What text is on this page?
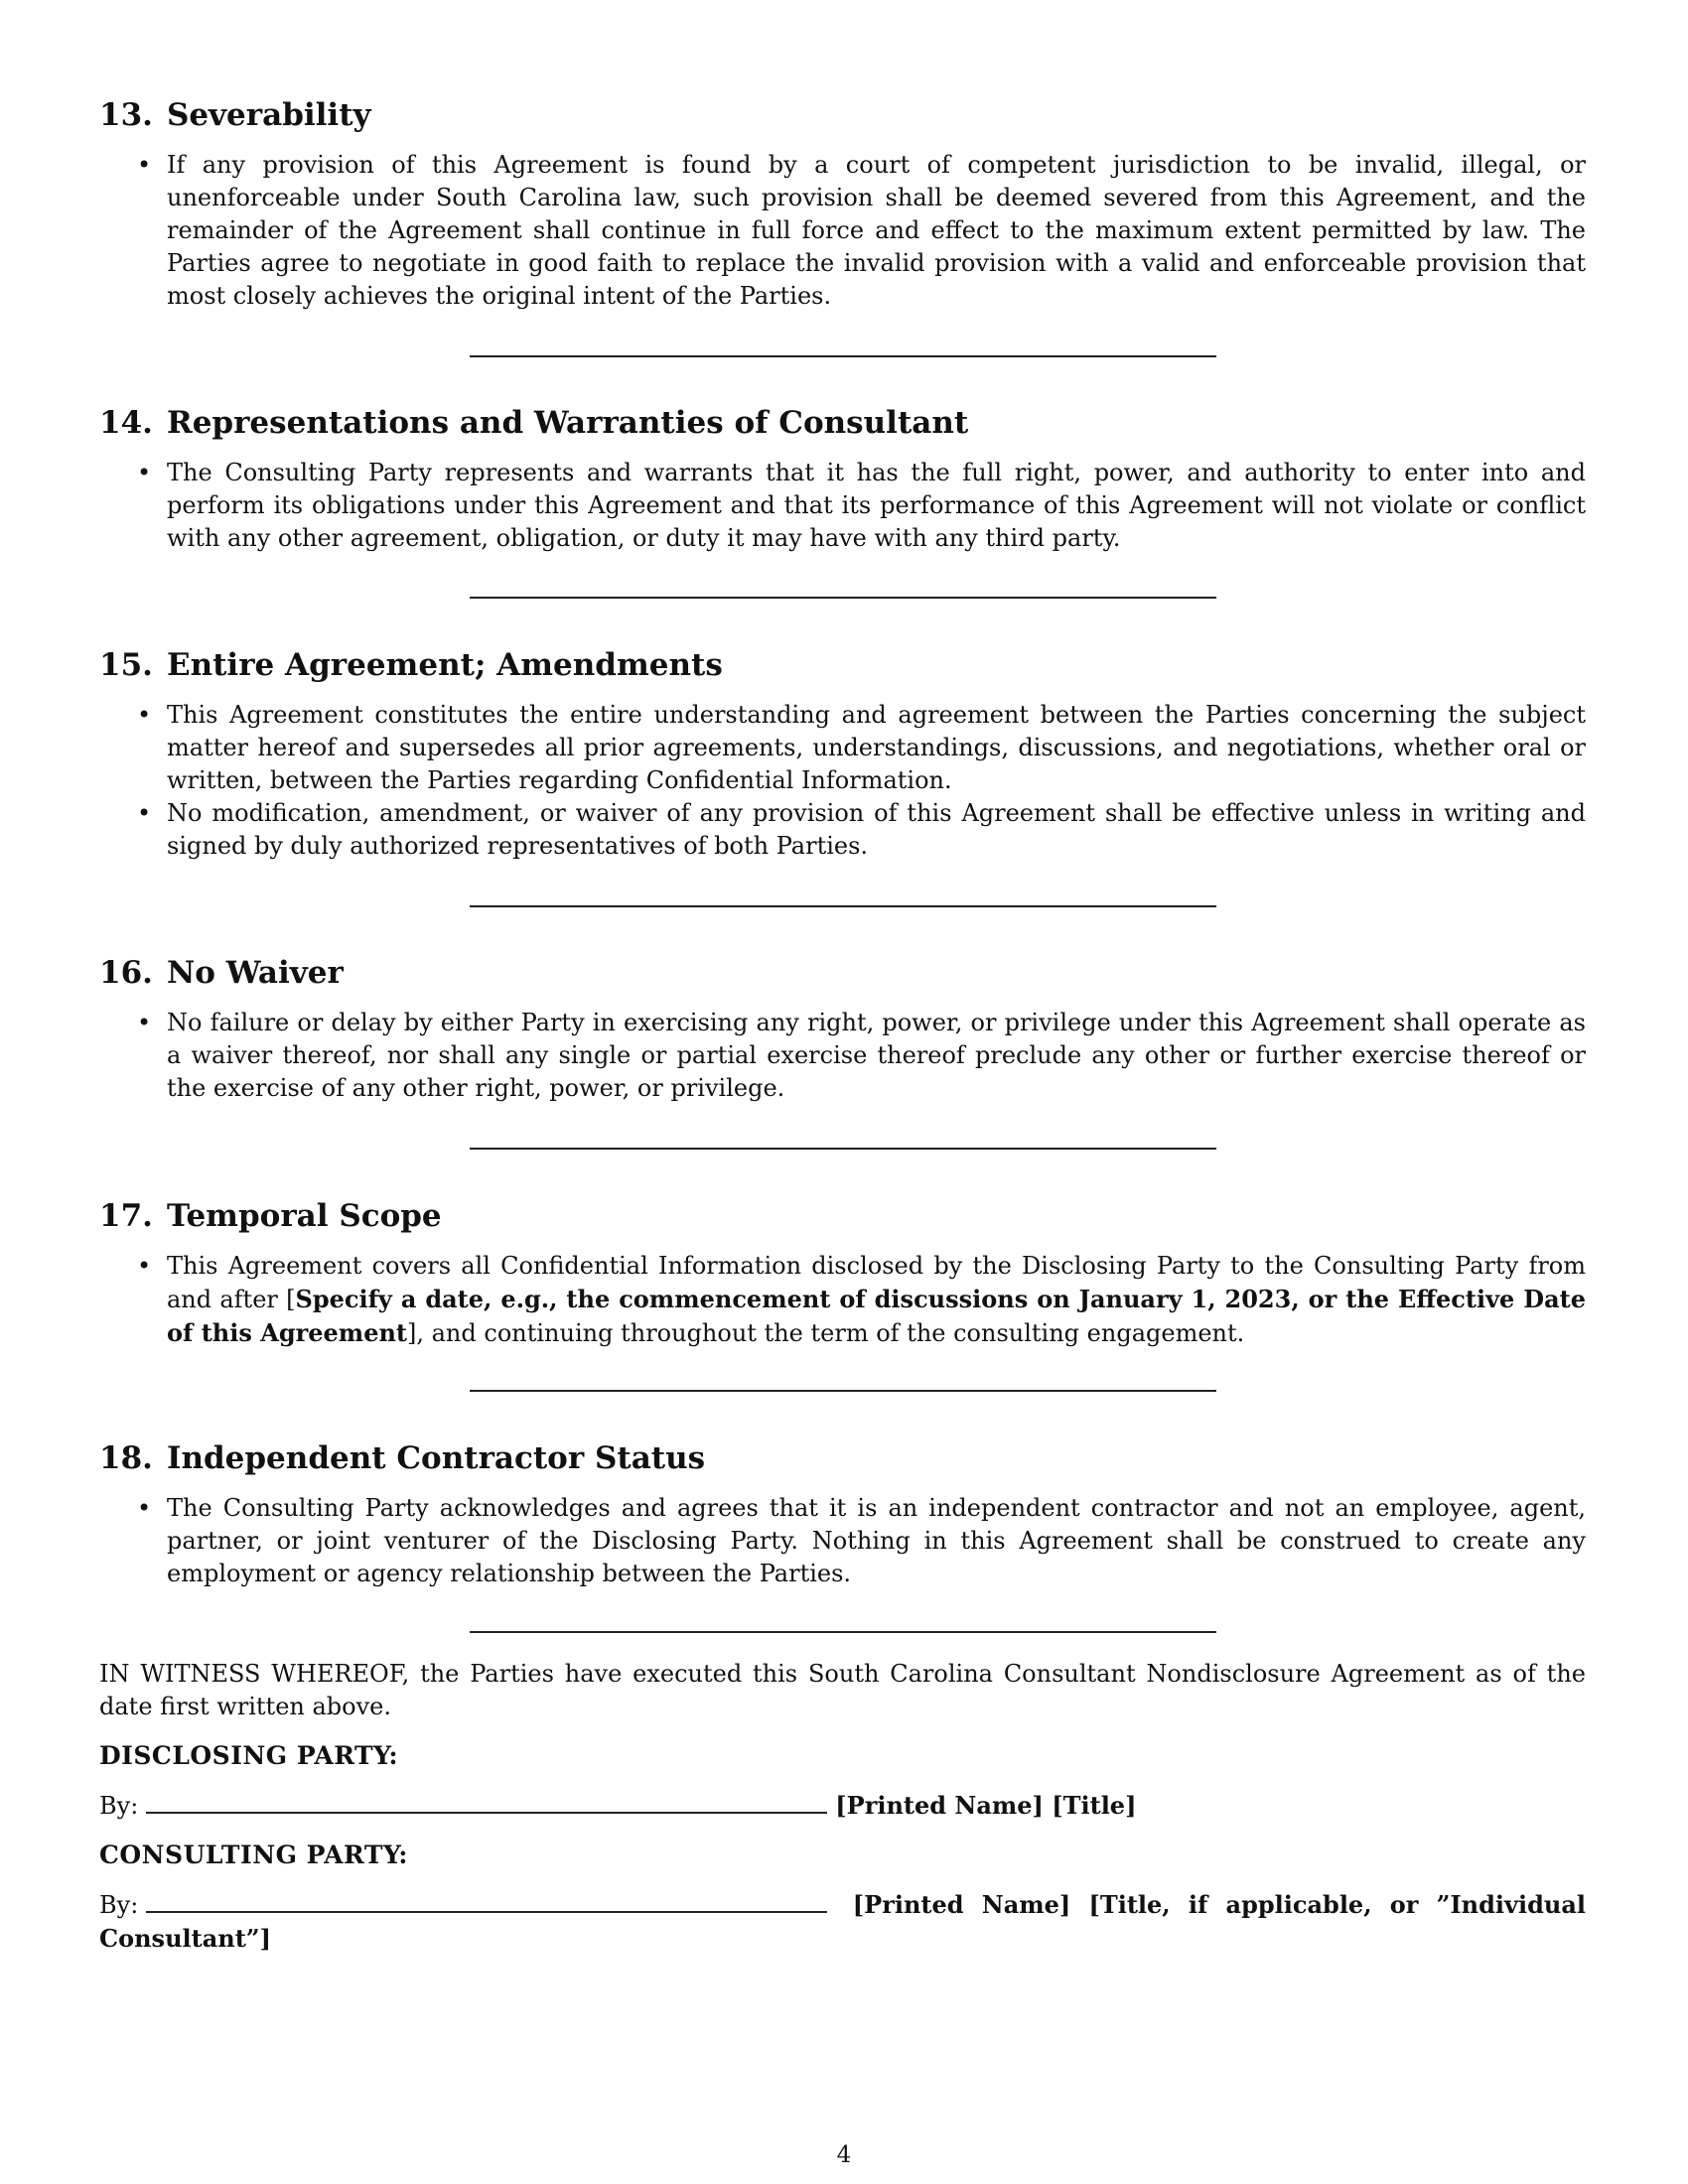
13. Severability
• If any provision of this Agreement is found by a court of competent jurisdiction to be invalid, illegal, or unenforceable under South Carolina law, such provision shall be deemed severed from this Agreement, and the remainder of the Agreement shall continue in full force and effect to the maximum extent permitted by law. The Parties agree to negotiate in good faith to replace the invalid provision with a valid and enforceable provision that most closely achieves the original intent of the Parties.
14. Representations and Warranties of Consultant
• The Consulting Party represents and warrants that it has the full right, power, and authority to enter into and perform its obligations under this Agreement and that its performance of this Agreement will not violate or conflict with any other agreement, obligation, or duty it may have with any third party.
15. Entire Agreement; Amendments
• This Agreement constitutes the entire understanding and agreement between the Parties concerning the subject matter hereof and supersedes all prior agreements, understandings, discussions, and negotiations, whether oral or written, between the Parties regarding Confidential Information.
• No modification, amendment, or waiver of any provision of this Agreement shall be effective unless in writing and signed by duly authorized representatives of both Parties.
16. No Waiver
• No failure or delay by either Party in exercising any right, power, or privilege under this Agreement shall operate as a waiver thereof, nor shall any single or partial exercise thereof preclude any other or further exercise thereof or the exercise of any other right, power, or privilege.
17. Temporal Scope
• This Agreement covers all Confidential Information disclosed by the Disclosing Party to the Consulting Party from and after [Specify a date, e.g., the commencement of discussions on January 1, 2023, or the Effective Date of this Agreement], and continuing throughout the term of the consulting engagement.
18. Independent Contractor Status
• The Consulting Party acknowledges and agrees that it is an independent contractor and not an employee, agent, partner, or joint venturer of the Disclosing Party. Nothing in this Agreement shall be construed to create any employment or agency relationship between the Parties.
IN WITNESS WHEREOF, the Parties have executed this South Carolina Consultant Nondisclosure Agreement as of the date first written above.
DISCLOSING PARTY:
By:	[Printed Name] [Title]
CONSULTING PARTY:
By:	[Printed Name] [Title, if applicable, or ”Individual Consultant”]
4
